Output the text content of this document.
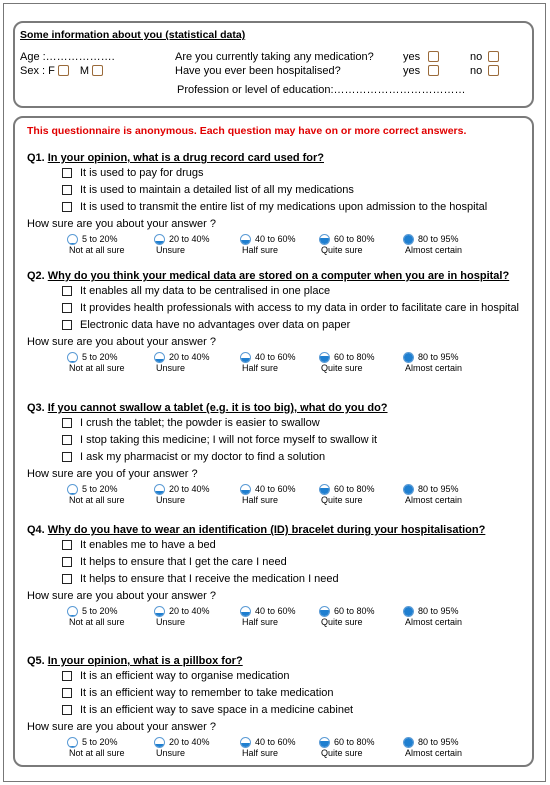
Some information about you (statistical data)
Age :……………….
Sex : F M
Are you currently taking any medication?
Have you ever been hospitalised?
yes	no
yes	no
Profession or level of education:………………………………
This questionnaire is anonymous. Each question may have on or more correct answers.
Q1. In your opinion, what is a drug record card used for?
It is used to pay for drugs
It is used to maintain a detailed list of all my medications
It is used to transmit the entire list of my medications upon admission to the hospital
How sure are you about your answer ?
5 to 20%
Not at all sure
20 to 40%
Unsure
40 to 60%
Half sure
60 to 80%
Quite sure
80 to 95%
Almost certain
Q2. Why do you think your medical data are stored on a computer when you are in hospital?
It enables all my data to be centralised in one place
It provides health professionals with access to my data in order to facilitate care in hospital
Electronic data have no advantages over data on paper
How sure are you about your answer ?
5 to 20%
Not at all sure
20 to 40%
Unsure
40 to 60%
Half sure
60 to 80%
Quite sure
80 to 95%
Almost certain
Q3. If you cannot swallow a tablet (e.g. it is too big), what do you do?
I crush the tablet; the powder is easier to swallow
I stop taking this medicine; I will not force myself to swallow it
I ask my pharmacist or my doctor to find a solution
How sure are you of your answer ?
5 to 20%
Not at all sure
20 to 40%
Unsure
40 to 60%
Half sure
60 to 80%
Quite sure
80 to 95%
Almost certain
Q4. Why do you have to wear an identification (ID) bracelet during your hospitalisation?
It enables me to have a bed
It helps to ensure that I get the care I need
It helps to ensure that I receive the medication I need
How sure are you about your answer ?
5 to 20%
Not at all sure
20 to 40%
Unsure
40 to 60%
Half sure
60 to 80%
Quite sure
80 to 95%
Almost certain
Q5. In your opinion, what is a pillbox for?
It is an efficient way to organise medication
It is an efficient way to remember to take medication
It is an efficient way to save space in a medicine cabinet
How sure are you about your answer ?
5 to 20%
Not at all sure
20 to 40%
Unsure
40 to 60%
Half sure
60 to 80%
Quite sure
80 to 95%
Almost certain
